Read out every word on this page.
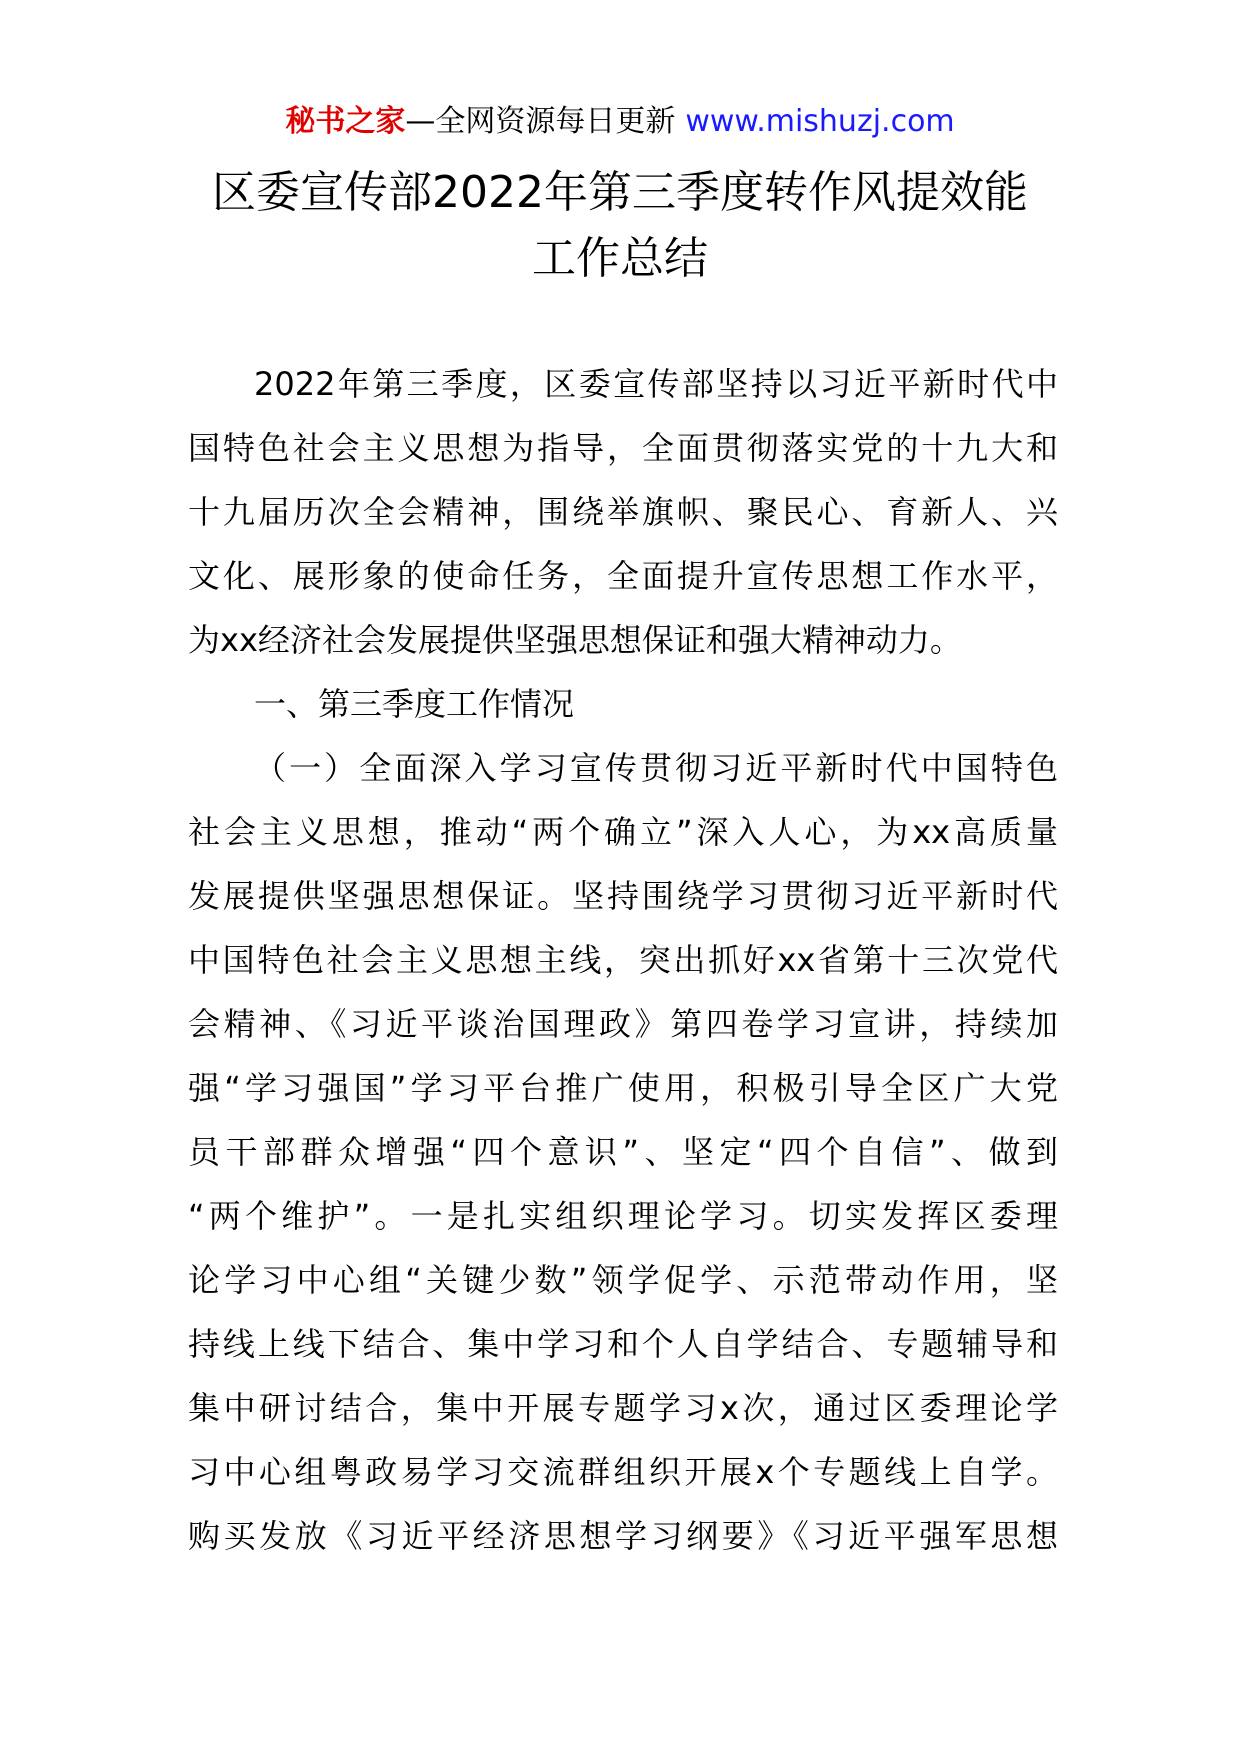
秘书之家—全网资源每日更新 www.mishuzj.com
区委宣传部2022年第三季度转作风提效能
工作总结
2022年第三季度，区委宣传部坚持以习近平新时代中
国特色社会主义思想为指导，全面贯彻落实党的十九大和
十九届历次全会精神，围绕举旗帜、聚民心、育新人、兴
文化、展形象的使命任务，全面提升宣传思想工作水平，
为xx经济社会发展提供坚强思想保证和强大精神动力。
一、第三季度工作情况
（一）全面深入学习宣传贯彻习近平新时代中国特色
社会主义思想，推动“两个确立”深入人心，为xx高质量
发展提供坚强思想保证。坚持围绕学习贯彻习近平新时代
中国特色社会主义思想主线，突出抓好xx省第十三次党代
会精神、《习近平谈治国理政》第四卷学习宣讲，持续加
强“学习强国”学习平台推广使用，积极引导全区广大党
员干部群众增强“四个意识”、坚定“四个自信”、做到
“两个维护”。一是扎实组织理论学习。切实发挥区委理
论学习中心组“关键少数”领学促学、示范带动作用，坚
持线上线下结合、集中学习和个人自学结合、专题辅导和
集中研讨结合，集中开展专题学习x次，通过区委理论学
习中心组粤政易学习交流群组织开展x个专题线上自学。
购买发放《习近平经济思想学习纲要》《习近平强军思想
